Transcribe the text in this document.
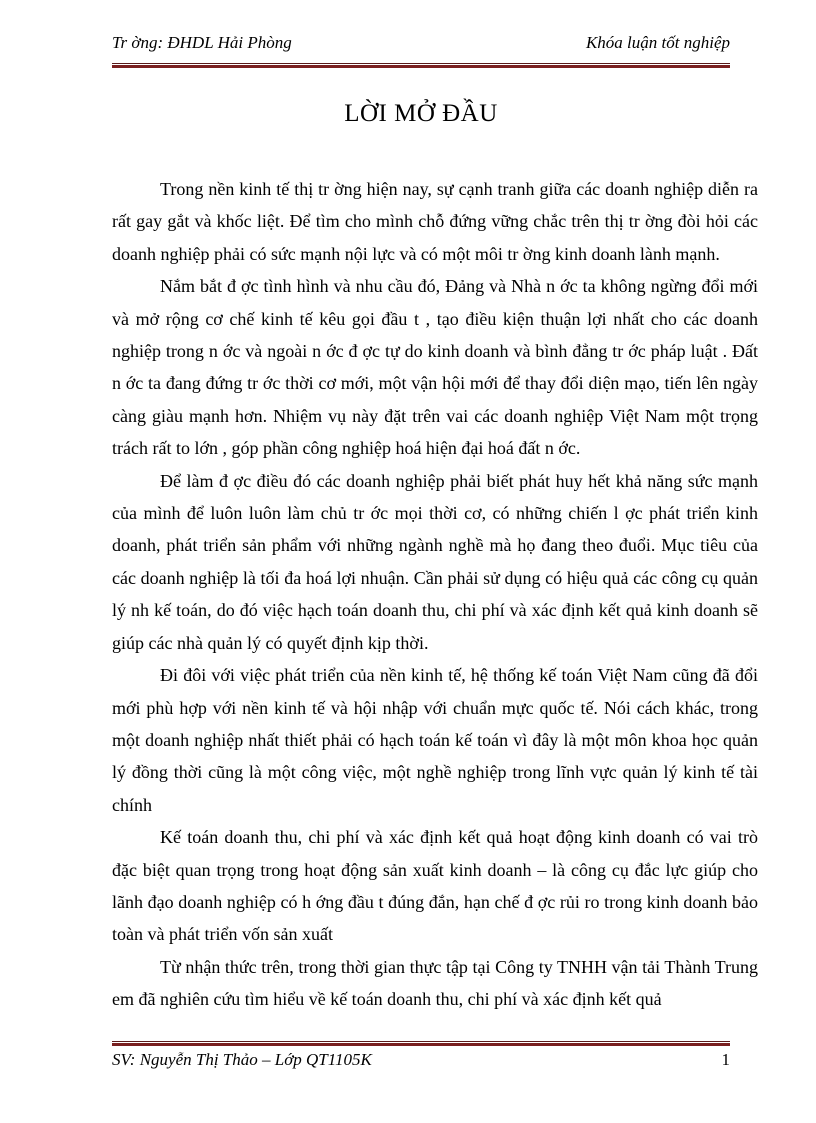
Tr ờng: ĐHDL Hải Phòng	Khóa luận tốt nghiệp
LỜI MỞ ĐẦU

Trong nền kinh tế thị tr ờng hiện nay, sự cạnh tranh giữa các doanh nghiệp diễn ra rất gay gắt và khốc liệt. Để tìm cho mình chỗ đứng vững chắc trên thị tr ờng đòi hỏi các doanh nghiệp phải có sức mạnh nội lực và có một môi tr ờng kinh doanh lành mạnh.

Nắm bắt đ ợc tình hình và nhu cầu đó, Đảng và Nhà n ớc ta không ngừng đổi mới và mở rộng cơ chế kinh tế kêu gọi đầu t , tạo điều kiện thuận lợi nhất cho các doanh nghiệp trong n ớc và ngoài n ớc đ ợc tự do kinh doanh và bình đẳng tr ớc pháp luật . Đất n ớc ta đang đứng tr ớc thời cơ mới, một vận hội mới để thay đổi diện mạo, tiến lên ngày càng giàu mạnh hơn. Nhiệm vụ này đặt trên vai các doanh nghiệp Việt Nam một trọng trách rất to lớn , góp phần công nghiệp hoá hiện đại hoá đất n ớc.

Để làm đ ợc điều đó các doanh nghiệp phải biết phát huy hết khả năng sức mạnh của mình để luôn luôn làm chủ tr ớc mọi thời cơ, có những chiến l ợc phát triển kinh doanh, phát triển sản phẩm với những ngành nghề mà họ đang theo đuổi. Mục tiêu của các doanh nghiệp là tối đa hoá lợi nhuận. Cần phải sử dụng có hiệu quả các công cụ quản lý nh kế toán, do đó việc hạch toán doanh thu, chi phí và xác định kết quả kinh doanh sẽ giúp các nhà quản lý có quyết định kịp thời.

Đi đôi với việc phát triển của nền kinh tế, hệ thống kế toán Việt Nam cũng đã đổi mới phù hợp với nền kinh tế và hội nhập với chuẩn mực quốc tế. Nói cách khác, trong một doanh nghiệp nhất thiết phải có hạch toán kế toán vì đây là một môn khoa học quản lý đồng thời cũng là một công việc, một nghề nghiệp trong lĩnh vực quản lý kinh tế tài chính

Kế toán doanh thu, chi phí và xác định kết quả hoạt động kinh doanh có vai trò đặc biệt quan trọng trong hoạt động sản xuất kinh doanh – là công cụ đắc lực giúp cho lãnh đạo doanh nghiệp có h ớng đầu t đúng đắn, hạn chế đ ợc rủi ro trong kinh doanh bảo toàn và phát triển vốn sản xuất

Từ nhận thức trên, trong thời gian thực tập tại Công ty TNHH vận tải Thành Trung em đã nghiên cứu tìm hiểu về kế toán doanh thu, chi phí và xác định kết quả

SV: Nguyễn Thị Thảo – Lớp QT1105K	1
